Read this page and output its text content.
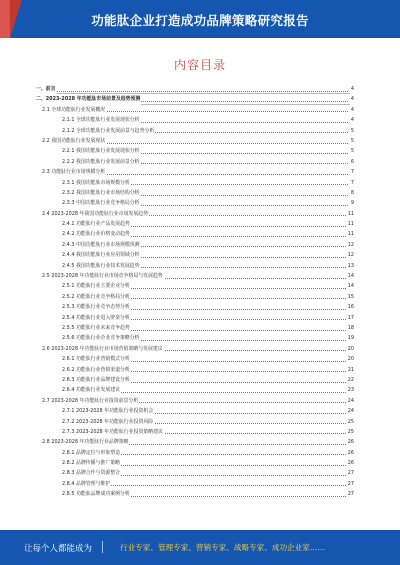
功能肽企业打造成功品牌策略研究报告
内容目录
一、前言	4
二、2023-2028 年功能肽市场前景及趋势预测	4
2.1 全球功能肽行业发展概况	4
2.1.1 全球功能肽行业发展现状分析	4
2.1.2 全球功能肽行业发展前景与趋势分析	5
2.2 我国功能肽行业发展现状	5
2.2.1 我国功能肽行业发展现状分析	5
2.2.2 我国功能肽行业发展前景分析	6
2.3 功能肽行业市场规模分析	7
2.3.1 我国功能肽市场规模分析	7
2.3.2 我国功能肽行业市场结构分析	8
2.3.3 中国功能肽行业竞争格局分析	9
2.4 2023-2028 年我国功能肽行业市场发展趋势	11
2.4.1 功能肽行业产品发展趋势	11
2.4.2 功能肽行业价格变动趋势	11
2.4.3 中国功能肽行业市场规模预测	12
2.4.4 我国功能肽行业应用领域分析	12
2.4.5 我国功能肽行业技术发展趋势	13
2.5 2023-2028 年功能肽行业市场竞争格局与发展趋势	14
2.5.1 功能肽行业主要企业分析	14
2.5.2 功能肽行业竞争格局分析	15
2.5.3 功能肽行业竞争态势分析	16
2.5.4 功能肽行业进入壁垒分析	17
2.5.5 功能肽行业未来竞争趋势	18
2.5.6 功能肽行业企业竞争策略分析	19
2.6 2023-2028 年功能肽行业市场营销策略与发展建议	20
2.6.1 功能肽行业营销模式分析	20
2.6.2 功能肽行业营销渠道分析	21
2.6.3 功能肽行业品牌建设分析	22
2.6.4 功能肽行业发展建议	23
2.7 2023-2028 年功能肽行业投资前景分析	24
2.7.1 2023-2028 年功能肽行业投资机会	24
2.7.2 2023-2028 年功能肽行业投资风险	25
2.7.3 2023-2028 年功能肽行业投资策略建议	25
2.8 2023-2028 年功能肽行业品牌策略	26
2.8.1 品牌定位与形象塑造	26
2.8.2 品牌传播与推广策略	26
2.8.3 品牌合作与资源整合	27
2.8.4 品牌管理与维护	27
2.8.5 功能肽品牌成功案例分析	27
让每个人都能成为	行业专家、管理专家、营销专家、战略专家、成功企业家……
